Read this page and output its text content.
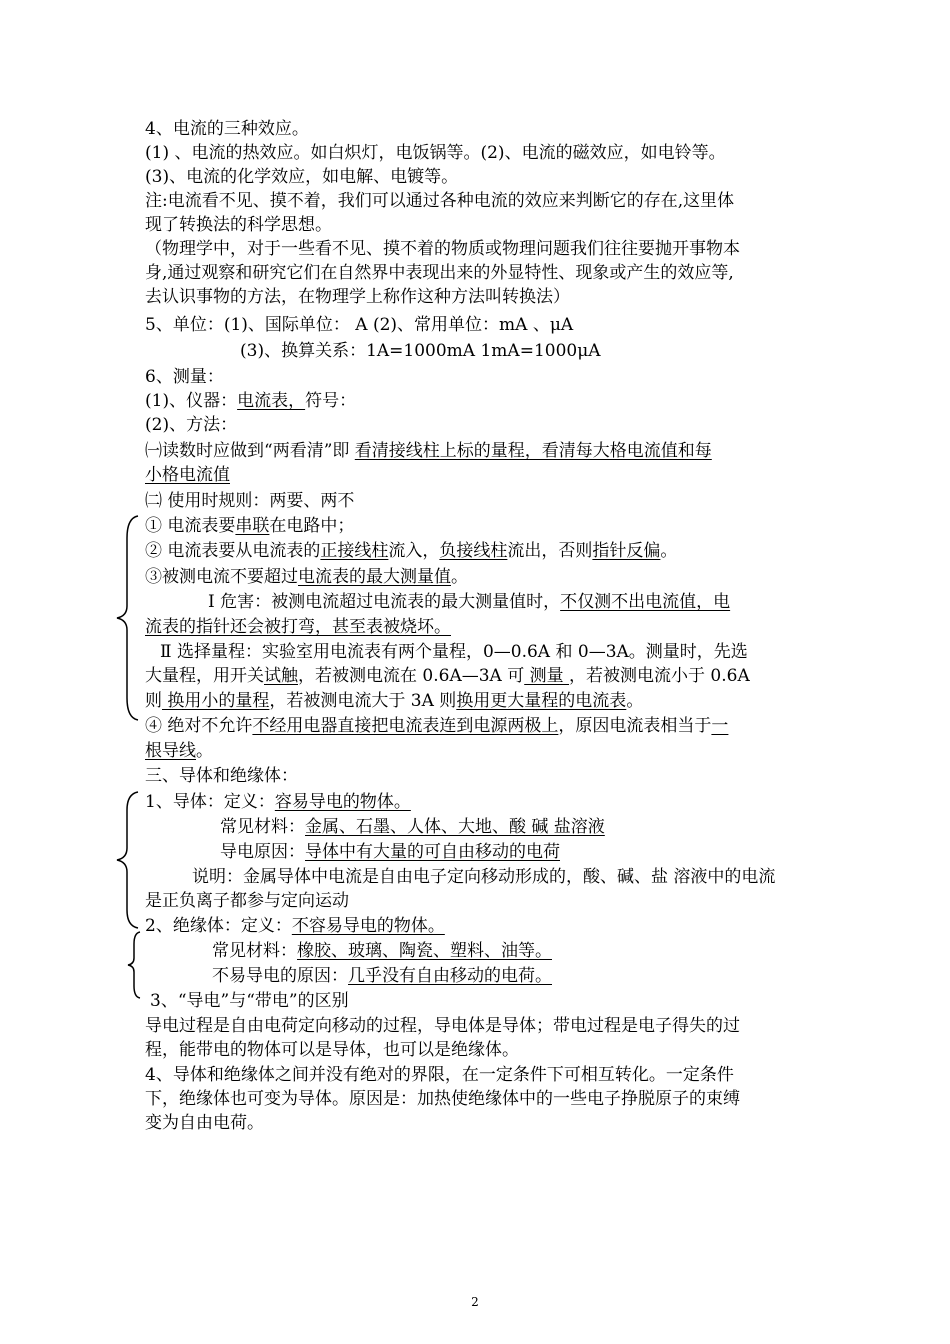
4、电流的三种效应。
(1) 、电流的热效应。如白炽灯，电饭锅等。(2)、电流的磁效应，如电铃等。
(3)、电流的化学效应，如电解、电镀等。
注:电流看不见、摸不着，我们可以通过各种电流的效应来判断它的存在,这里体
现了转换法的科学思想。
（物理学中，对于一些看不见、摸不着的物质或物理问题我们往往要抛开事物本
身,通过观察和研究它们在自然界中表现出来的外显特性、现象或产生的效应等,
去认识事物的方法，在物理学上称作这种方法叫转换法）
5、单位：(1)、国际单位： A (2)、常用单位：mA 、μA
(3)、换算关系：1A=1000mA 1mA=1000μA
6、测量：
(1)、仪器：电流表，符号：
(2)、方法：
㈠读数时应做到“两看清”即 看清接线柱上标的量程，看清每大格电流值和每
小格电流值
㈡ 使用时规则：两要、两不
① 电流表要串联在电路中；
② 电流表要从电流表的正接线柱流入，负接线柱流出，否则指针反偏。
③被测电流不要超过电流表的最大测量值。
Ⅰ 危害：被测电流超过电流表的最大测量值时，不仅测不出电流值，电
流表的指针还会被打弯，甚至表被烧坏。
Ⅱ 选择量程：实验室用电流表有两个量程，0—0.6A 和 0—3A。测量时，先选
大量程，用开关试触，若被测电流在 0.6A—3A 可 测量 ，若被测电流小于 0.6A
则 换用小的量程，若被测电流大于 3A 则换用更大量程的电流表。
④ 绝对不允许不经用电器直接把电流表连到电源两极上，原因电流表相当于一
根导线。
三、导体和绝缘体：
1、导体：定义：容易导电的物体。
常见材料：金属、石墨、人体、大地、酸 碱 盐溶液
导电原因：导体中有大量的可自由移动的电荷
说明：金属导体中电流是自由电子定向移动形成的，酸、碱、盐 溶液中的电流
是正负离子都参与定向运动
2、绝缘体：定义：不容易导电的物体。
常见材料：橡胶、玻璃、陶瓷、塑料、油等。
不易导电的原因：几乎没有自由移动的电荷。
3、“导电”与“带电”的区别
导电过程是自由电荷定向移动的过程，导电体是导体；带电过程是电子得失的过
程，能带电的物体可以是导体，也可以是绝缘体。
4、导体和绝缘体之间并没有绝对的界限，在一定条件下可相互转化。一定条件
下，绝缘体也可变为导体。原因是：加热使绝缘体中的一些电子挣脱原子的束缚
变为自由电荷。
2
